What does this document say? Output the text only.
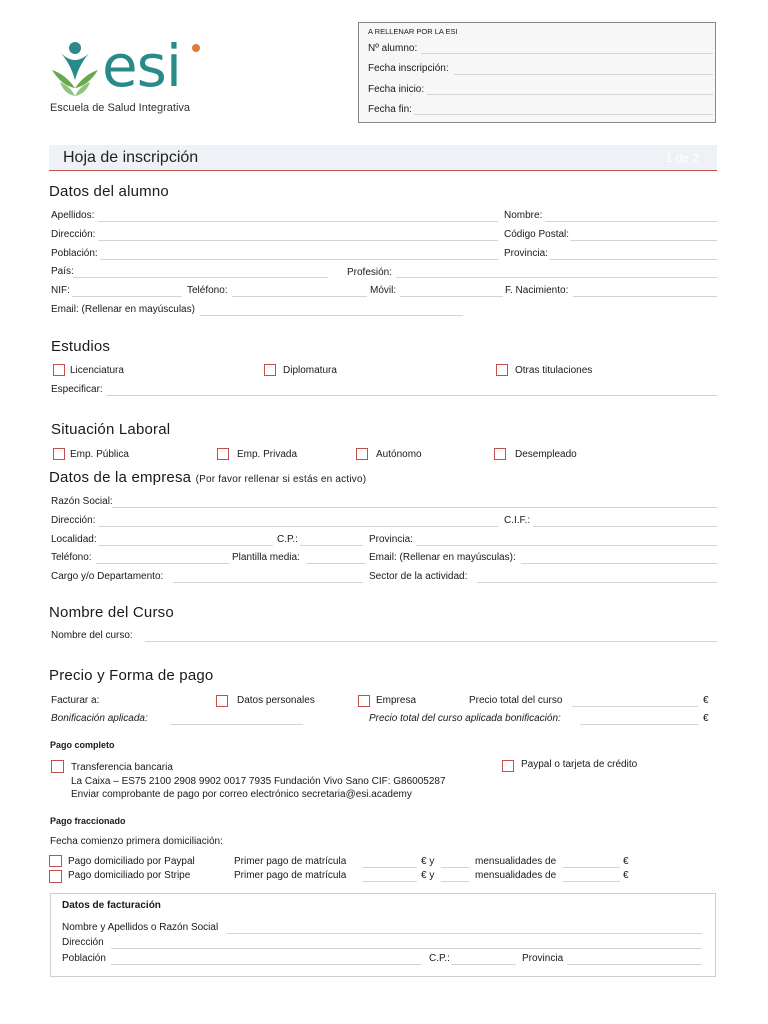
esi
Escuela de Salud Integrativa
A RELLENAR POR LA ESI
Nº alumno:
Fecha inscripción:
Fecha inicio:
Fecha fin:
Hoja de inscripción	1 de 2
Datos del alumno
Apellidos:	Nombre:
Dirección:	Código Postal:
Población:	Provincia:
País:	Profesión:
NIF:	Teléfono:	Móvil:	F. Nacimiento:
Email: (Rellenar en mayúsculas)
Estudios
Licenciatura	Diplomatura	Otras titulaciones
Especificar:
Situación Laboral
Emp. Pública	Emp. Privada	Autónomo	Desempleado
Datos de la empresa (Por favor rellenar si estás en activo)
Razón Social:
Dirección:	C.I.F.:
Localidad:	C.P.:	Provincia:
Teléfono:	Plantilla media:	Email: (Rellenar en mayúsculas):
Cargo y/o Departamento:	Sector de la actividad:
Nombre del Curso
Nombre del curso:
Precio y Forma de pago
Facturar a:	Datos personales	Empresa	Precio total del curso	€
Bonificación aplicada:	Precio total del curso aplicada bonificación:	€
Pago completo
Transferencia bancaria
La Caixa – ES75 2100 2908 9902 0017 7935 Fundación Vivo Sano CIF: G86005287
Enviar comprobante de pago por correo electrónico secretaria@esi.academy
Paypal o tarjeta de crédito
Pago fraccionado
Fecha comienzo primera domiciliación:
Pago domiciliado por Paypal	Primer pago de matrícula	€ y	mensualidades de	€
Pago domiciliado por Stripe	Primer pago de matrícula	€ y	mensualidades de	€
Datos de facturación
Nombre y Apellidos o Razón Social
Dirección
Población	C.P.:	Provincia
